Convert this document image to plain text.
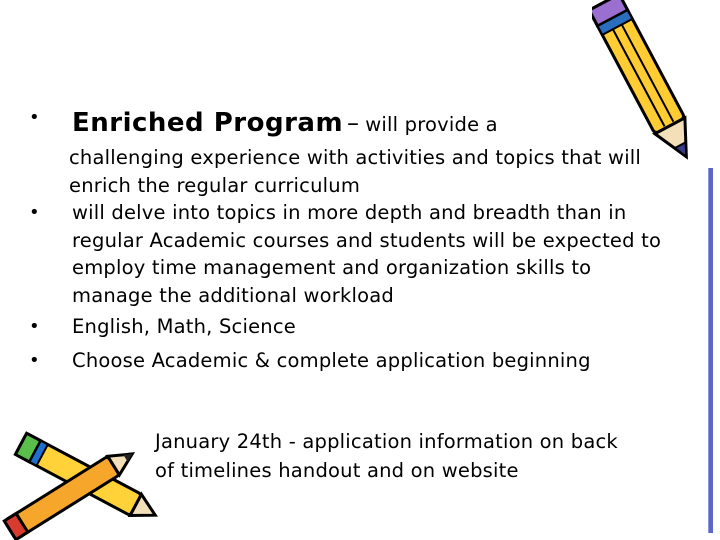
• Enriched Program – will provide a
challenging experience with activities and topics that will enrich the regular curriculum
• will delve into topics in more depth and breadth than in regular Academic courses and students will be expected to employ time management and organization skills to manage the additional workload
• English, Math, Science
• Choose Academic & complete application beginning
January 24th - application information on back of timelines handout and on website
